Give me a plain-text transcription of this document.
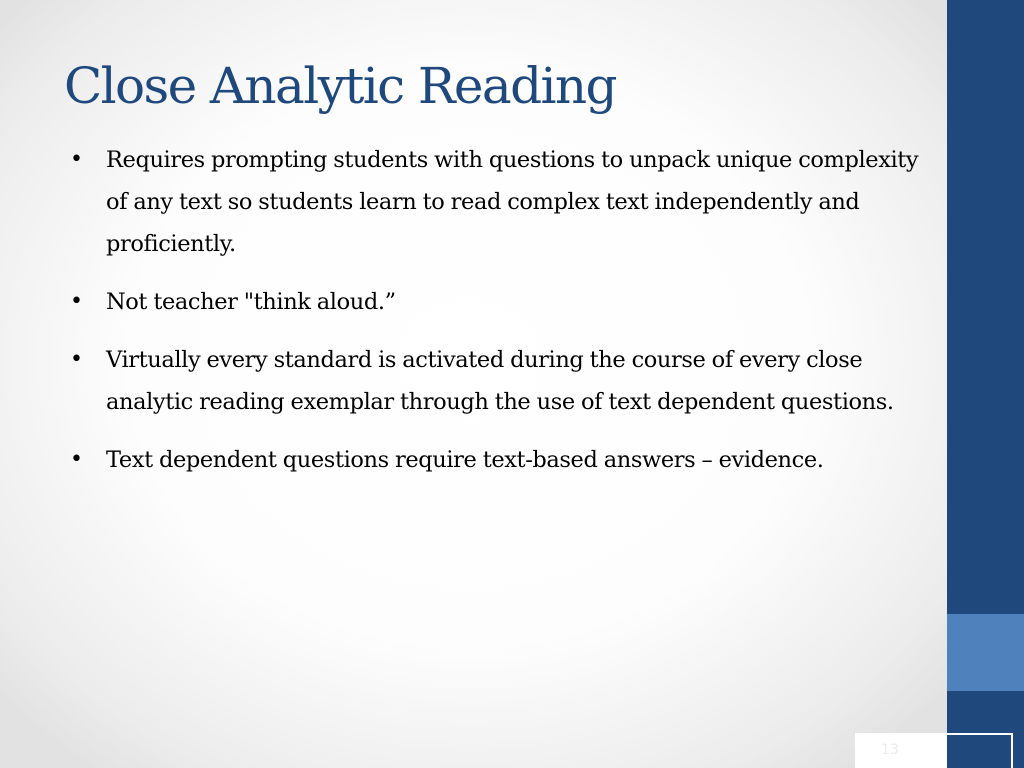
Close Analytic Reading
• Requires prompting students with questions to unpack unique complexity of any text so students learn to read complex text independently and proficiently.
• Not teacher "think aloud.”
• Virtually every standard is activated during the course of every close analytic reading exemplar through the use of text dependent questions.
• Text dependent questions require text-based answers – evidence.
13
